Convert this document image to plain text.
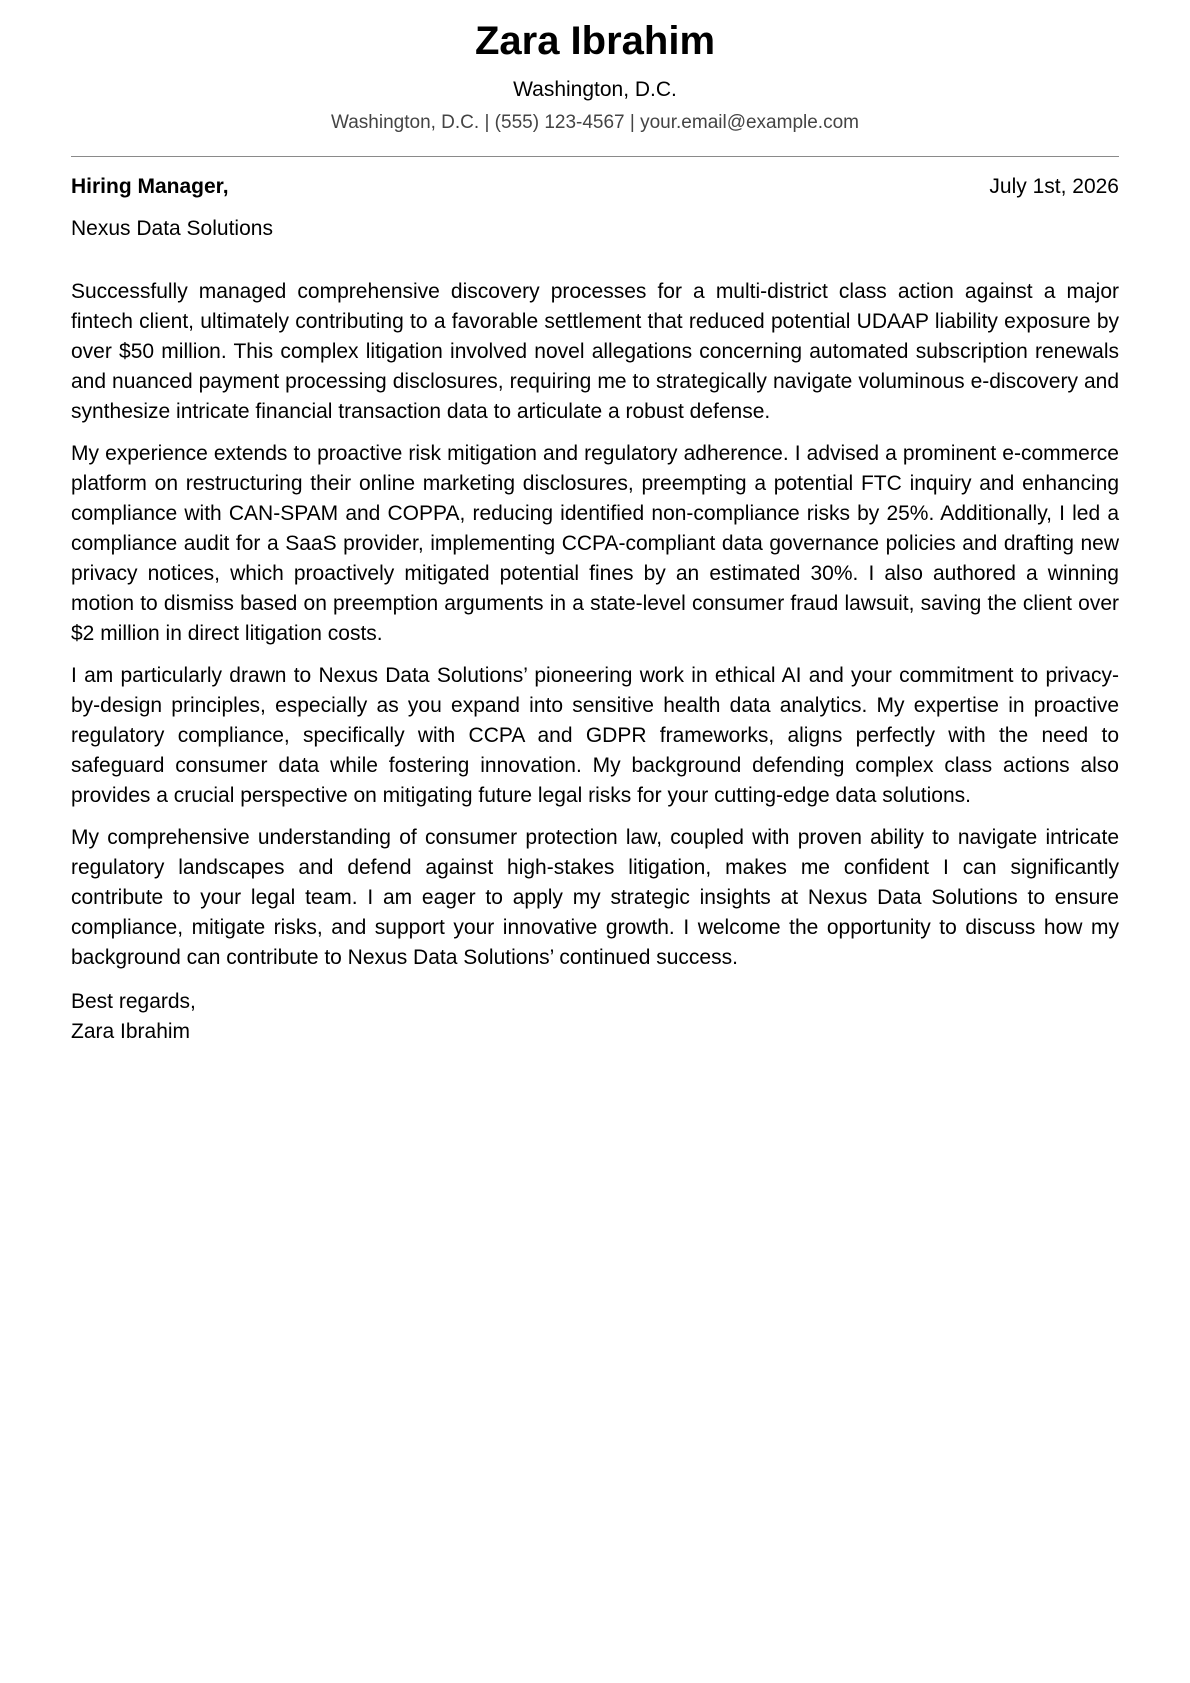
Zara Ibrahim
Washington, D.C.
Washington, D.C. | (555) 123-4567 | your.email@example.com
Hiring Manager,	July 1st, 2026
Nexus Data Solutions

Successfully managed comprehensive discovery processes for a multi-district class action against a major fintech client, ultimately contributing to a favorable settlement that reduced potential UDAAP liability exposure by over $50 million. This complex litigation involved novel allegations concerning automated subscription renewals and nuanced payment processing disclosures, requiring me to strategically navigate voluminous e-discovery and synthesize intricate financial transaction data to articulate a robust defense.

My experience extends to proactive risk mitigation and regulatory adherence. I advised a prominent e-commerce platform on restructuring their online marketing disclosures, preempting a potential FTC inquiry and enhancing compliance with CAN-SPAM and COPPA, reducing identified non-compliance risks by 25%. Additionally, I led a compliance audit for a SaaS provider, implementing CCPA-compliant data governance policies and drafting new privacy notices, which proactively mitigated potential fines by an estimated 30%. I also authored a winning motion to dismiss based on preemption arguments in a state-level consumer fraud lawsuit, saving the client over $2 million in direct litigation costs.

I am particularly drawn to Nexus Data Solutions’ pioneering work in ethical AI and your commitment to privacy-by-design principles, especially as you expand into sensitive health data analytics. My expertise in proactive regulatory compliance, specifically with CCPA and GDPR frameworks, aligns perfectly with the need to safeguard consumer data while fostering innovation. My background defending complex class actions also provides a crucial perspective on mitigating future legal risks for your cutting-edge data solutions.

My comprehensive understanding of consumer protection law, coupled with proven ability to navigate intricate regulatory landscapes and defend against high-stakes litigation, makes me confident I can significantly contribute to your legal team. I am eager to apply my strategic insights at Nexus Data Solutions to ensure compliance, mitigate risks, and support your innovative growth. I welcome the opportunity to discuss how my background can contribute to Nexus Data Solutions’ continued success.

Best regards,
Zara Ibrahim
